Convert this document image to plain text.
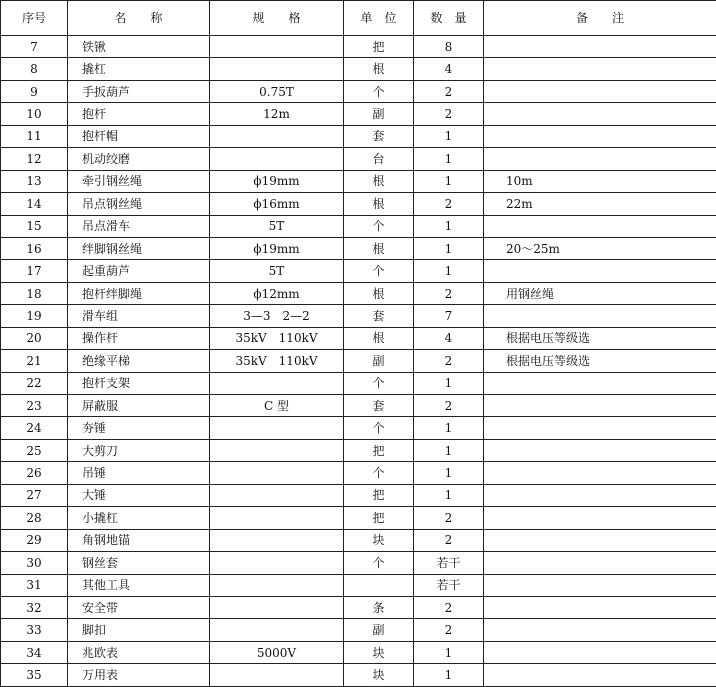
序号	名　　称	规　　格	单　位	数　量	备　　注
7	铁锹		把	8	
8	撬杠		根	4	
9	手扳葫芦	0.75T	个	2	
10	抱杆	12m	副	2	
11	抱杆帽		套	1	
12	机动绞磨		台	1	
13	牵引钢丝绳	ϕ19mm	根	1	10m
14	吊点钢丝绳	ϕ16mm	根	2	22m
15	吊点滑车	5T	个	1	
16	绊脚钢丝绳	ϕ19mm	根	1	20～25m
17	起重葫芦	5T	个	1	
18	抱杆绊脚绳	ϕ12mm	根	2	用钢丝绳
19	滑车组	3—3　2—2	套	7	
20	操作杆	35kV　110kV	根	4	根据电压等级选
21	绝缘平梯	35kV　110kV	副	2	根据电压等级选
22	抱杆支架		个	1	
23	屏蔽服	C 型	套	2	
24	夯锤		个	1	
25	大剪刀		把	1	
26	吊锤		个	1	
27	大锤		把	1	
28	小撬杠		把	2	
29	角钢地锚		块	2	
30	钢丝套		个	若干	
31	其他工具			若干	
32	安全带		条	2	
33	脚扣		副	2	
34	兆欧表	5000V	块	1	
35	万用表		块	1	
